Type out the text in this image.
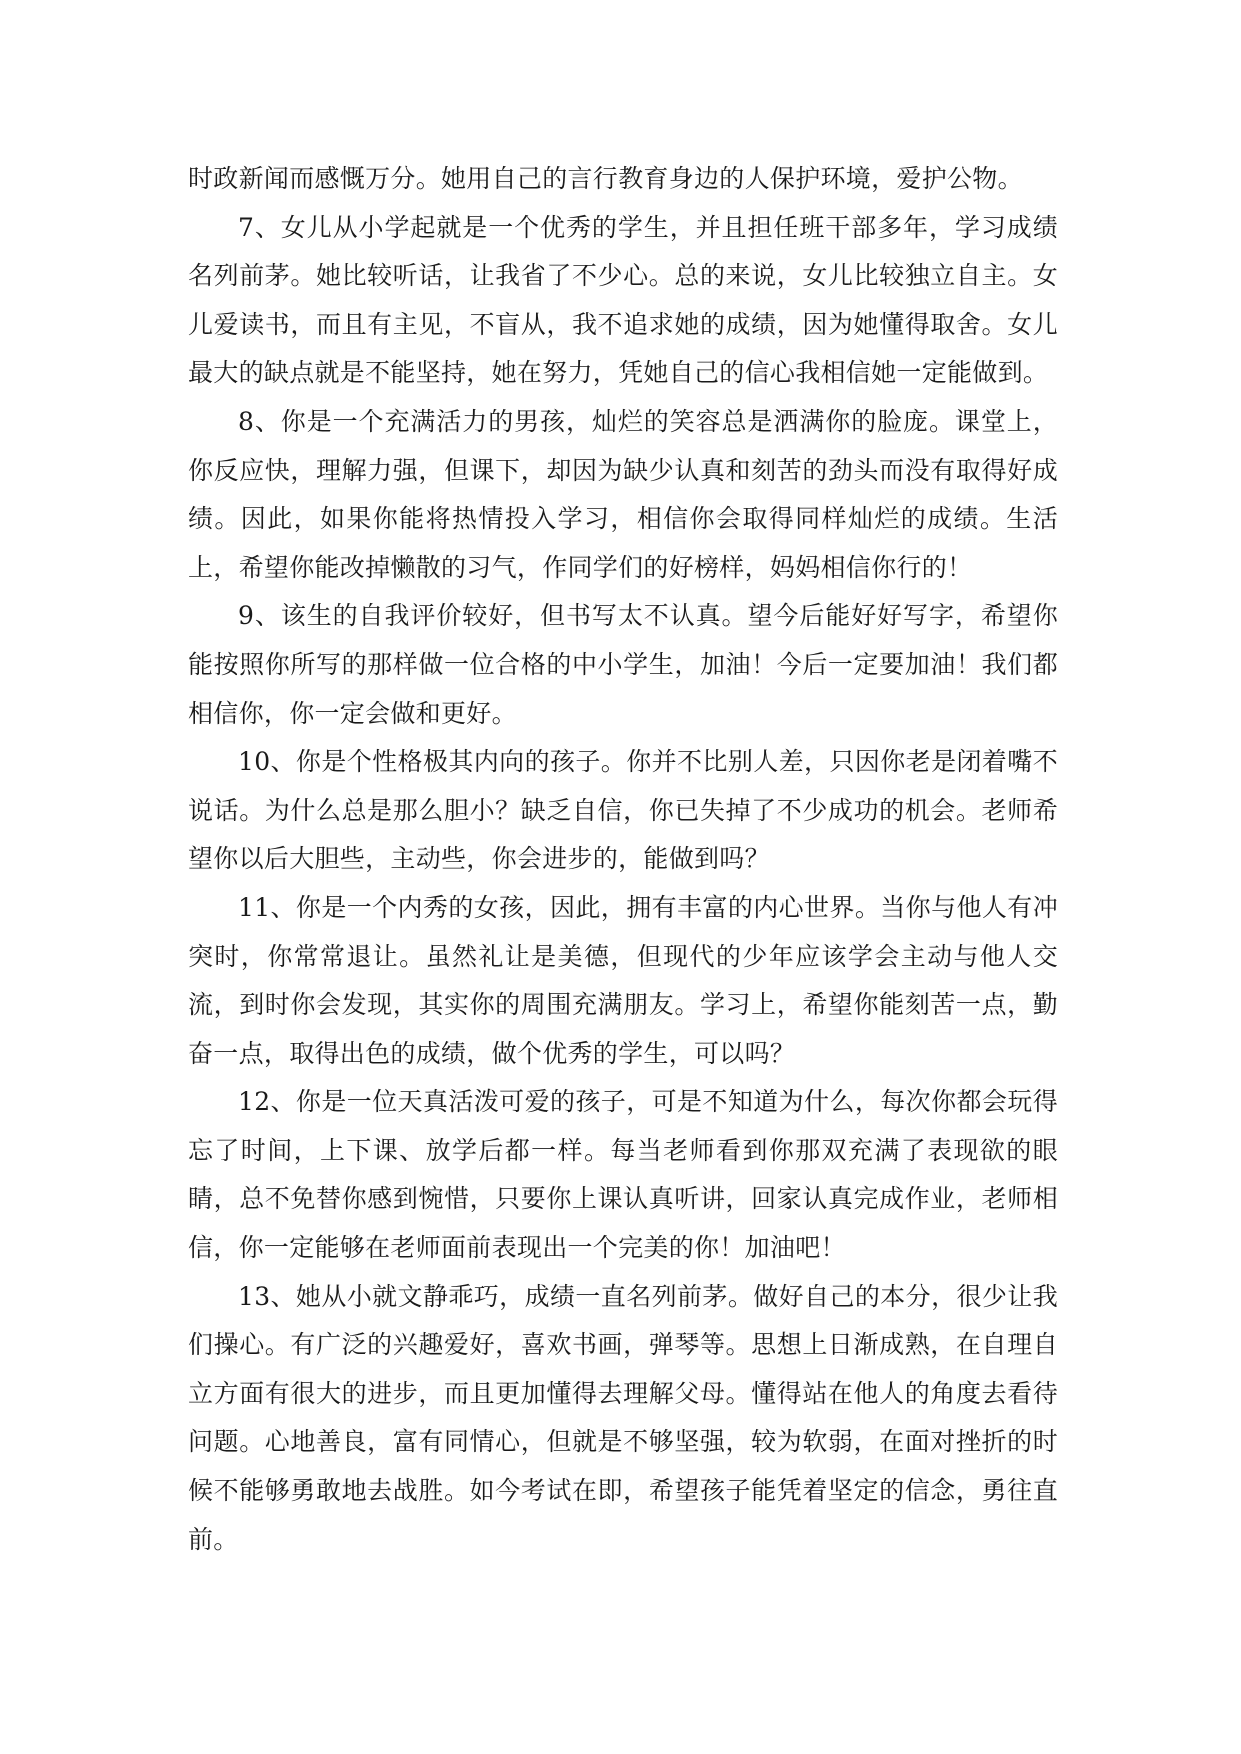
时政新闻而感慨万分。她用自己的言行教育身边的人保护环境，爱护公物。

7、女儿从小学起就是一个优秀的学生，并且担任班干部多年，学习成绩名列前茅。她比较听话，让我省了不少心。总的来说，女儿比较独立自主。女儿爱读书，而且有主见，不盲从，我不追求她的成绩，因为她懂得取舍。女儿最大的缺点就是不能坚持，她在努力，凭她自己的信心我相信她一定能做到。

8、你是一个充满活力的男孩，灿烂的笑容总是洒满你的脸庞。课堂上，你反应快，理解力强，但课下，却因为缺少认真和刻苦的劲头而没有取得好成绩。因此，如果你能将热情投入学习，相信你会取得同样灿烂的成绩。生活上，希望你能改掉懒散的习气，作同学们的好榜样，妈妈相信你行的！

9、该生的自我评价较好，但书写太不认真。望今后能好好写字，希望你能按照你所写的那样做一位合格的中小学生，加油！今后一定要加油！我们都相信你，你一定会做和更好。

10、你是个性格极其内向的孩子。你并不比别人差，只因你老是闭着嘴不说话。为什么总是那么胆小？缺乏自信，你已失掉了不少成功的机会。老师希望你以后大胆些，主动些，你会进步的，能做到吗？

11、你是一个内秀的女孩，因此，拥有丰富的内心世界。当你与他人有冲突时，你常常退让。虽然礼让是美德，但现代的少年应该学会主动与他人交流，到时你会发现，其实你的周围充满朋友。学习上，希望你能刻苦一点，勤奋一点，取得出色的成绩，做个优秀的学生，可以吗？

12、你是一位天真活泼可爱的孩子，可是不知道为什么，每次你都会玩得忘了时间，上下课、放学后都一样。每当老师看到你那双充满了表现欲的眼睛，总不免替你感到惋惜，只要你上课认真听讲，回家认真完成作业，老师相信，你一定能够在老师面前表现出一个完美的你！加油吧！

13、她从小就文静乖巧，成绩一直名列前茅。做好自己的本分，很少让我们操心。有广泛的兴趣爱好，喜欢书画，弹琴等。思想上日渐成熟，在自理自立方面有很大的进步，而且更加懂得去理解父母。懂得站在他人的角度去看待问题。心地善良，富有同情心，但就是不够坚强，较为软弱，在面对挫折的时候不能够勇敢地去战胜。如今考试在即，希望孩子能凭着坚定的信念，勇往直前。
